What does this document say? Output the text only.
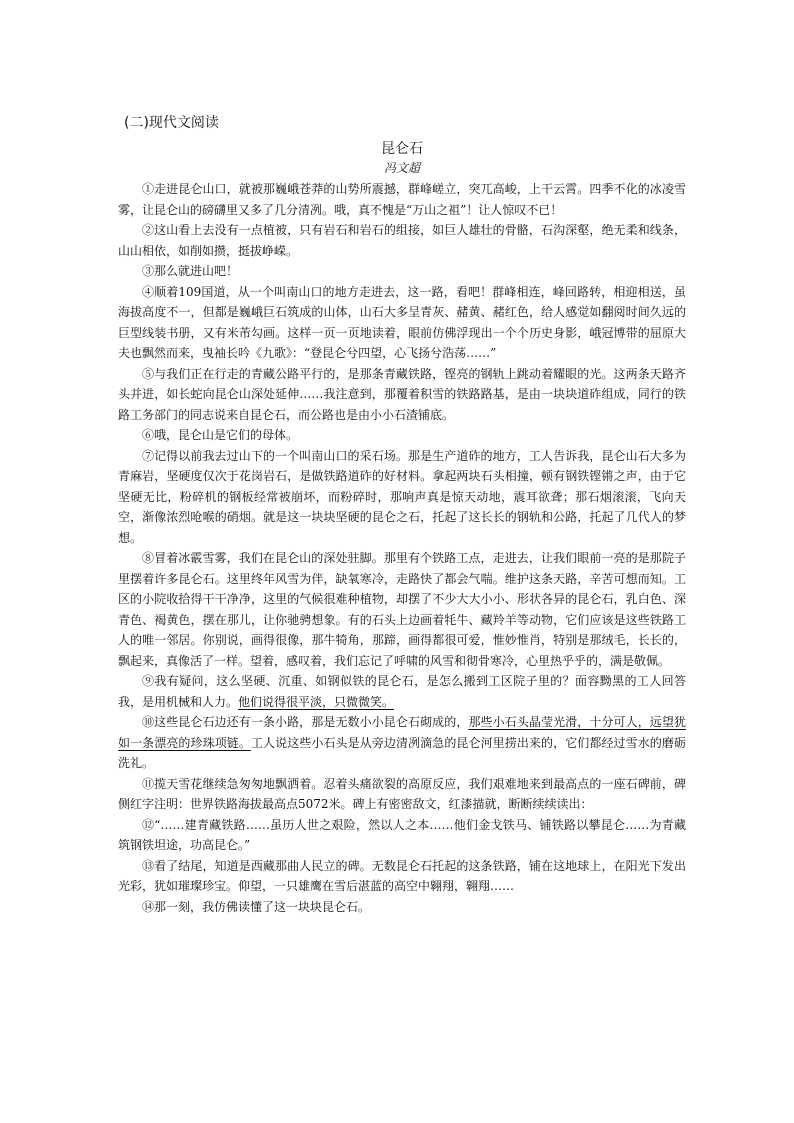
(二)现代文阅读

昆仑石

冯文超

①走进昆仑山口，就被那巍峨苍莽的山势所震撼，群峰嵯立，突兀高峻，上干云霄。四季不化的冰凌雪雾，让昆仑山的磅礴里又多了几分清冽。哦，真不愧是“万山之祖”！让人惊叹不已！

②这山看上去没有一点植被，只有岩石和岩石的组接，如巨人雄壮的骨骼，石沟深壑，绝无柔和线条，山山相依，如削如攒，挺拔峥嵘。

③那么就进山吧！

④顺着109国道，从一个叫南山口的地方走进去，这一路，看吧！群峰相连，峰回路转，相迎相送，虽海拔高度不一，但都是巍峨巨石筑成的山体，山石大多呈青灰、赭黄、赭红色，给人感觉如翻阅时间久远的巨型线装书册，又有米芾勾画。这样一页一页地读着，眼前仿佛浮现出一个个历史身影，峨冠博带的屈原大夫也飘然而来，曳袖长吟《九歌》：“登昆仑兮四望，心飞扬兮浩荡……”

⑤与我们正在行走的青藏公路平行的，是那条青藏铁路，铿亮的钢轨上跳动着耀眼的光。这两条天路齐头并进，如长蛇向昆仑山深处延伸……我注意到，那覆着积雪的铁路路基，是由一块块道砟组成，同行的铁路工务部门的同志说来自昆仑石，而公路也是由小小石渣铺底。

⑥哦，昆仑山是它们的母体。

⑦记得以前我去过山下的一个叫南山口的采石场。那是生产道砟的地方，工人告诉我，昆仑山石大多为青麻岩，坚硬度仅次于花岗岩石，是做铁路道砟的好材料。拿起两块石头相撞，顿有钢铁铿锵之声，由于它坚硬无比，粉碎机的钢板经常被崩坏，而粉碎时，那响声真是惊天动地，震耳欲聋；那石烟滚滚，飞向天空，渐像浓烈呛喉的硝烟。就是这一块块坚硬的昆仑之石，托起了这长长的钢轨和公路，托起了几代人的梦想。

⑧冒着冰霰雪雾，我们在昆仑山的深处驻脚。那里有个铁路工点，走进去，让我们眼前一亮的是那院子里摆着许多昆仑石。这里终年风雪为伴，缺氧寒冷，走路快了都会气喘。维护这条天路，辛苦可想而知。工区的小院收拾得干干净净，这里的气候很难种植物，却摆了不少大大小小、形状各异的昆仑石，乳白色、深青色、褐黄色，摆在那儿，让你驰骋想象。有的石头上边画着牦牛、藏羚羊等动物，它们应该是这些铁路工人的唯一邻居。你别说，画得很像，那牛犄角，那蹄，画得都很可爱，惟妙惟肖，特别是那绒毛，长长的，飘起来，真像活了一样。望着，感叹着，我们忘记了呼啸的风雪和彻骨寒冷，心里热乎乎的，满是敬佩。

⑨我有疑问，这么坚硬、沉重、如钢似铁的昆仑石，是怎么搬到工区院子里的？面容黝黑的工人回答我，是用机械和人力。他们说得很平淡，只微微笑。

⑩这些昆仑石边还有一条小路，那是无数小小昆仑石砌成的，那些小石头晶莹光滑，十分可人，远望犹如一条漂亮的珍珠项链。工人说这些小石头是从旁边清冽滴急的昆仑河里捞出来的，它们都经过雪水的磨砺洗礼。

⑪揽天雪花继续急匆匆地飘洒着。忍着头痛欲裂的高原反应，我们艰难地来到最高点的一座石碑前，碑侧红字注明：世界铁路海拔最高点5072米。碑上有密密敌文，红漆描就，断断续续读出：

⑫“……建青藏铁路……虽历人世之艰险，然以人之本……他们金戈铁马、铺铁路以攀昆仑……为青藏筑钢铁坦途，功高昆仑。”

⑬看了结尾，知道是西藏那曲人民立的碑。无数昆仑石托起的这条铁路，铺在这地球上，在阳光下发出光彩，犹如璀璨珍宝。仰望，一只雄鹰在雪后湛蓝的高空中翱翔，翱翔……

⑭那一刻，我仿佛读懂了这一块块昆仑石。
